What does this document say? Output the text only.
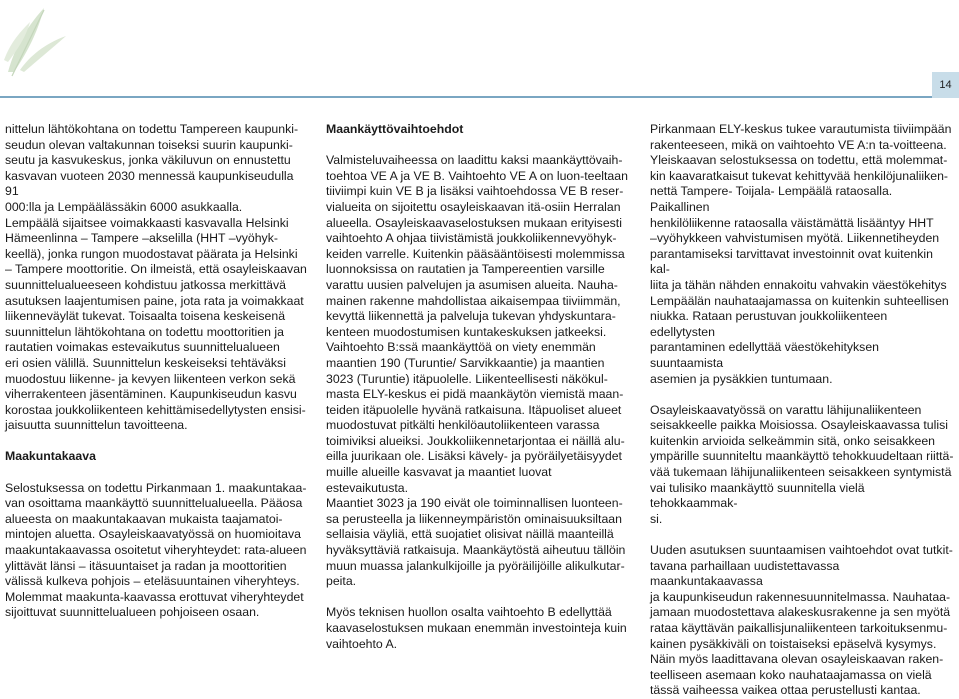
14
nittelun lähtökohtana on todettu Tampereen kaupunki-
seudun olevan valtakunnan toiseksi suurin kaupunki-
seutu ja kasvukeskus, jonka väkiluvun on ennustettu
kasvavan vuoteen 2030 mennessä kaupunkiseudulla 91
000:lla ja Lempäälässäkin 6000 asukkaalla.
Lempäälä sijaitsee voimakkaasti kasvavalla Helsinki
Hämeenlinna – Tampere –akselilla (HHT –vyöhyk-
keellä), jonka rungon muodostavat päärata ja Helsinki
– Tampere moottoritie. On ilmeistä, että osayleiskaavan
suunnittelualueeseen kohdistuu jatkossa merkittävä
asutuksen laajentumisen paine, jota rata ja voimakkaat
liikenneväylät tukevat. Toisaalta toisena keskeisenä
suunnittelun lähtökohtana on todettu moottoritien ja
rautatien voimakas estevaikutus suunnittelualueen
eri osien välillä. Suunnittelun keskeiseksi tehtäväksi
muodostuu liikenne- ja kevyen liikenteen verkon sekä
viherrakenteen jäsentäminen. Kaupunkiseudun kasvu
korostaa joukkoliikenteen kehittämisedellytysten ensisi-
jaisuutta suunnittelun tavoitteena.

Maakuntakaava

Selostuksessa on todettu Pirkanmaan 1. maakuntakaa-
van osoittama maankäyttö suunnittelualueella. Pääosa
alueesta on maakuntakaavan mukaista taajamatoi-
mintojen aluetta. Osayleiskaavatyössä on huomioitava
maakuntakaavassa osoitetut viheryhteydet: rata-alueen
ylittävät länsi – itäsuuntaiset ja radan ja moottoritien
välissä kulkeva pohjois – eteläsuuntainen viheryhteys.
Molemmat maakunta-kaavassa erottuvat viheryhteydet
sijoittuvat suunnittelualueen pohjoiseen osaan.

Maankäyttövaihtoehdot

Valmisteluvaiheessa on laadittu kaksi maankäyttövaih-
toehtoa VE A ja VE B. Vaihtoehto VE A on luon-teeltaan
tiiviimpi kuin VE B ja lisäksi vaihtoehdossa VE B reser-
vialueita on sijoitettu osayleiskaavan itä-osiin Herralan
alueella. Osayleiskaavaselostuksen mukaan erityisesti
vaihtoehto A ohjaa tiivistämistä joukkoliikennevyöhyk-
keiden varrelle. Kuitenkin pääsääntöisesti molemmissa
luonnoksissa on rautatien ja Tampereentien varsille
varattu uusien palvelujen ja asumisen alueita. Nauha-
mainen rakenne mahdollistaa aikaisempaa tiiviimmän,
kevyttä liikennettä ja palveluja tukevan yhdyskuntara-
kenteen muodostumisen kuntakeskuksen jatkeeksi.
Vaihtoehto B:ssä maankäyttöä on viety enemmän
maantien 190 (Turuntie/ Sarvikkaantie) ja maantien
3023 (Turuntie) itäpuolelle. Liikenteellisesti näkökul-
masta ELY-keskus ei pidä maankäytön viemistä maan-
teiden itäpuolelle hyvänä ratkaisuna. Itäpuoliset alueet
muodostuvat pitkälti henkilöautoliikenteen varassa
toimiviksi alueiksi. Joukkoliikennetarjontaa ei näillä alu-
eilla juurikaan ole. Lisäksi kävely- ja pyöräilyetäisyydet
muille alueille kasvavat ja maantiet luovat estevaikutusta.
Maantiet 3023 ja 190 eivät ole toiminnallisen luonteen-
sa perusteella ja liikenneympäristön ominaisuuksiltaan
sellaisia väyliä, että suojatiet olisivat näillä maanteillä
hyväksyttäviä ratkaisuja. Maankäytöstä aiheutuu tällöin
muun muassa jalankulkijoille ja pyöräilijöille alikulkutar-
peita.
Myös teknisen huollon osalta vaihtoehto B edellyttää
kaavaselostuksen mukaan enemmän investointeja kuin
vaihtoehto A.
Pirkanmaan ELY-keskus tukee varautumista tiiviimpään
rakenteeseen, mikä on vaihtoehto VE A:n ta-voitteena.
Yleiskaavan selostuksessa on todettu, että molemmat-
kin kaavaratkaisut tukevat kehittyvää henkilöjunaliiken-
nettä Tampere- Toijala- Lempäälä rataosalla. Paikallinen
henkilöliikenne rataosalla väistämättä lisääntyy HHT
–vyöhykkeen vahvistumisen myötä. Liikennetiheyden
parantamiseksi tarvittavat investoinnit ovat kuitenkin kal-
liita ja tähän nähden ennakoitu vahvakin väestökehitys
Lempäälän nauhataajamassa on kuitenkin suhteellisen
niukka. Rataan perustuvan joukkoliikenteen edellytysten
parantaminen edellyttää väestökehityksen suuntaamista
asemien ja pysäkkien tuntumaan.
Osayleiskaavatyössä on varattu lähijunaliikenteen
seisakkeelle paikka Moisiossa. Osayleiskaavassa tulisi
kuitenkin arvioida selkeämmin sitä, onko seisakkeen
ympärille suunniteltu maankäyttö tehokkuudeltaan riittä-
vää tukemaan lähijunaliikenteen seisakkeen syntymistä
vai tulisiko maankäyttö suunnitella vielä tehokkaammak-
si.
Uuden asutuksen suuntaamisen vaihtoehdot ovat tutkit-
tavana parhaillaan uudistettavassa maankuntakaavassa
ja kaupunkiseudun rakennesuunnitelmassa. Nauhataa-
jamaan muodostettava alakeskusrakenne ja sen myötä
rataa käyttävän paikallisjunaliikenteen tarkoituksenmu-
kainen pysäkkiväli on toistaiseksi epäselvä kysymys.
Näin myös laadittavana olevan osayleiskaavan raken-
teelliseen asemaan koko nauhataajamassa on vielä
tässä vaiheessa vaikea ottaa perustellusti kantaa.
